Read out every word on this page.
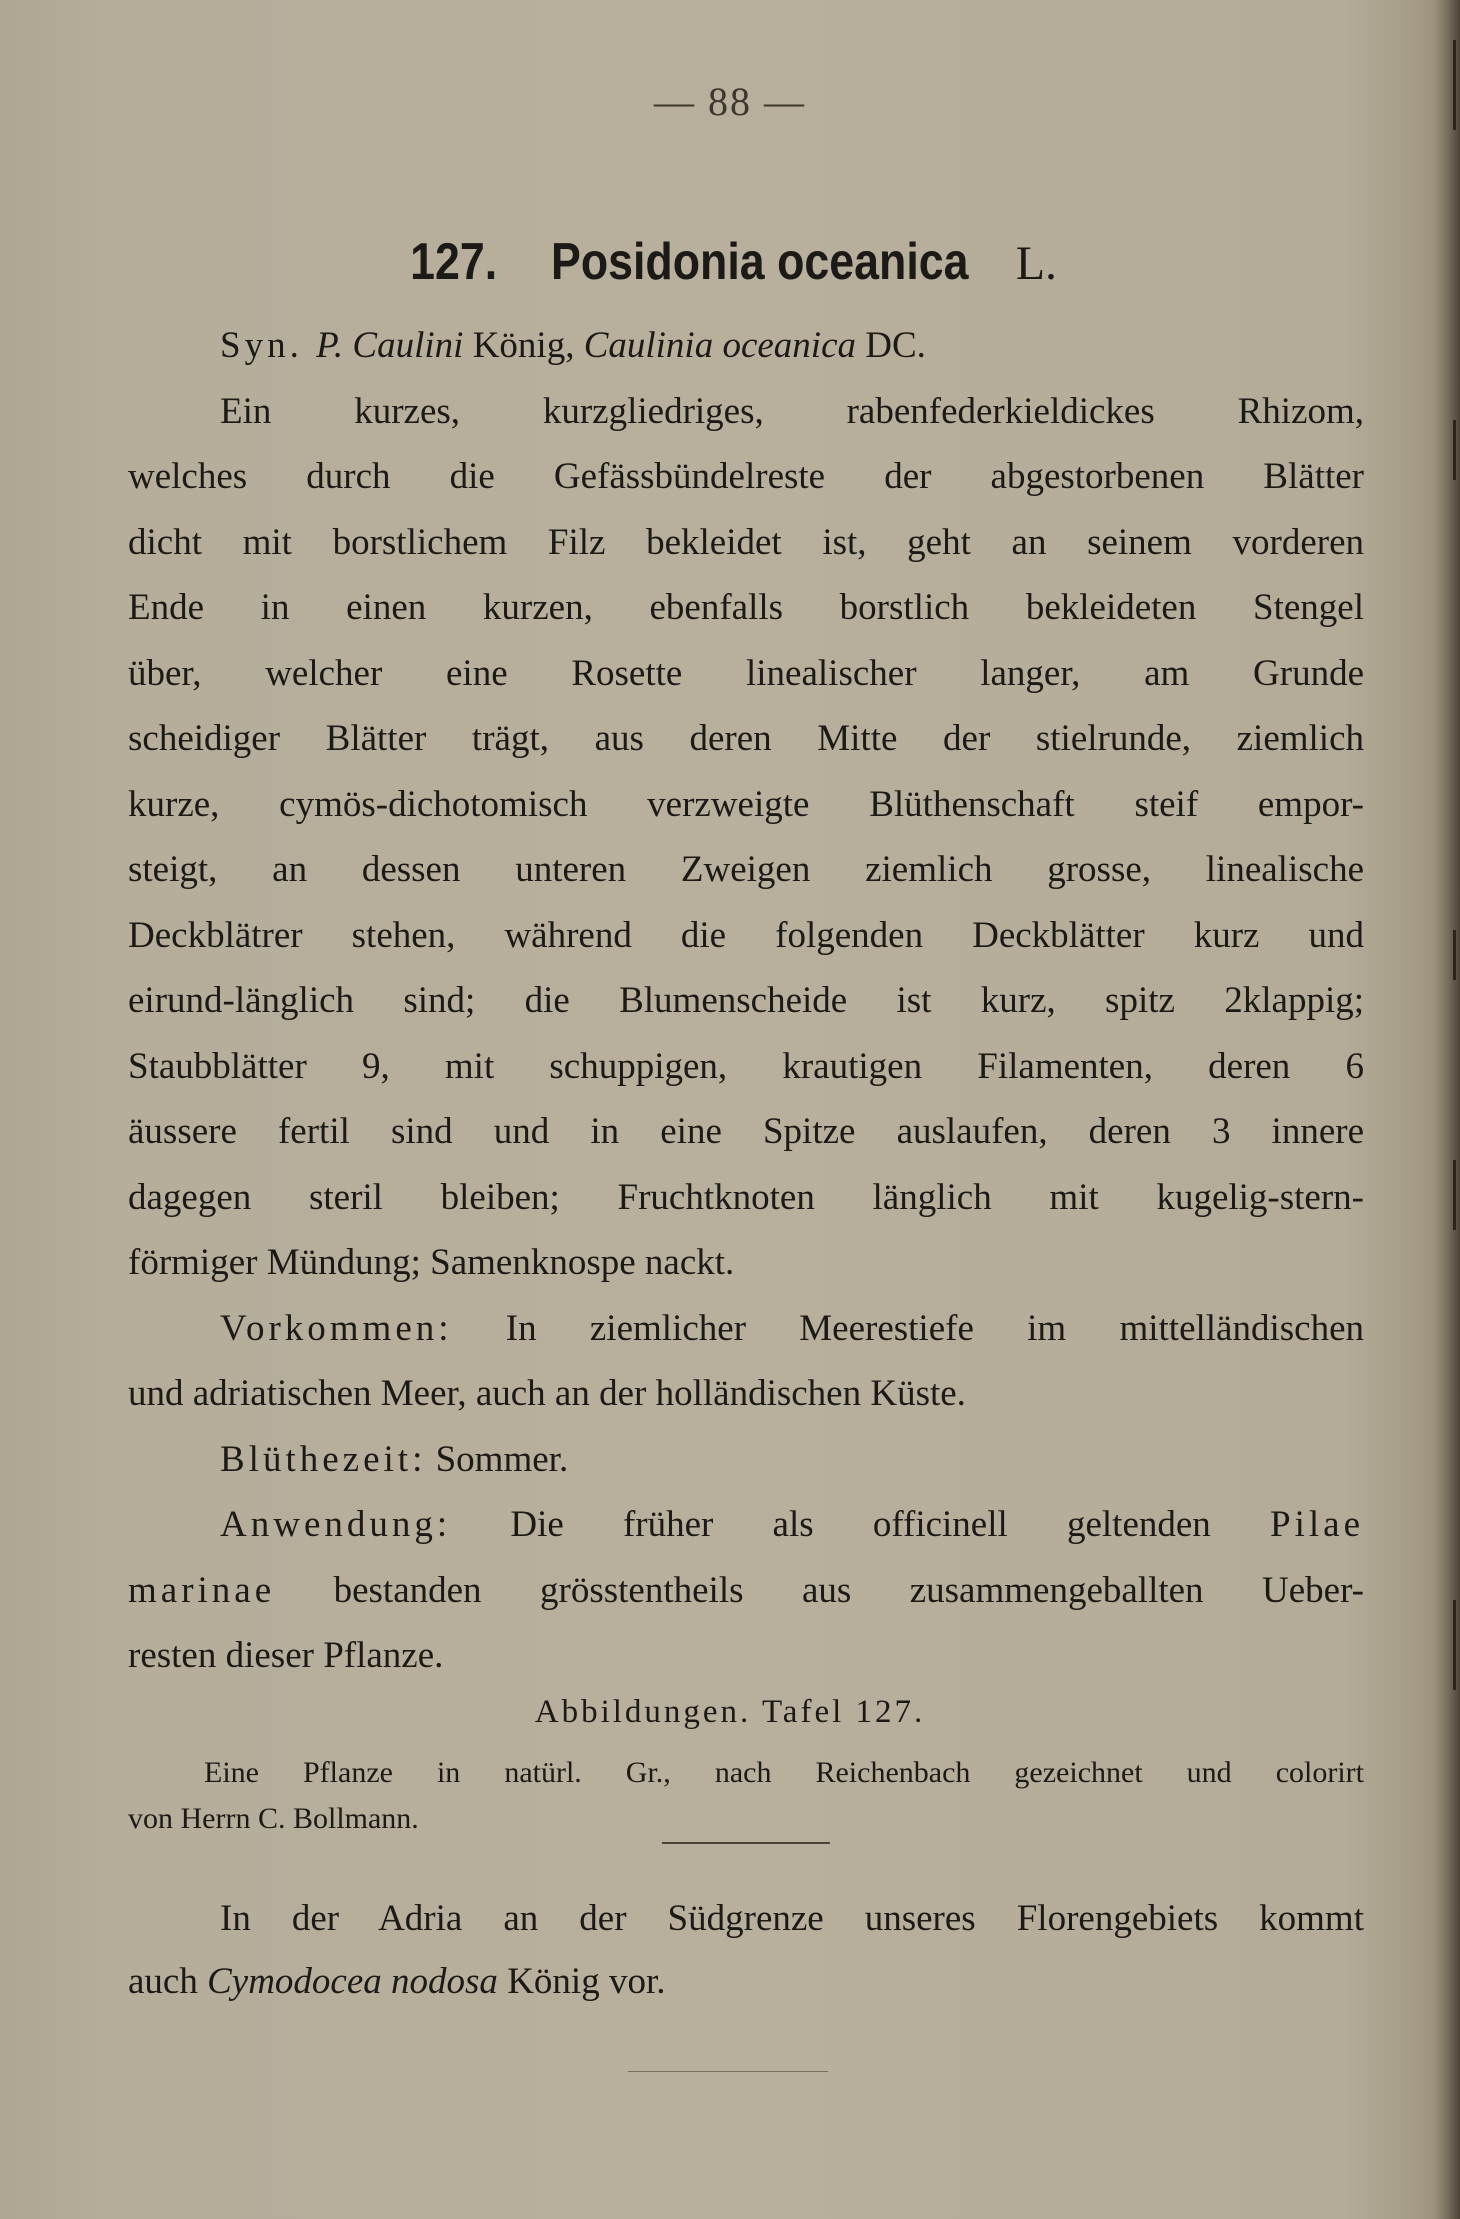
— 88 —
127. Posidonia oceanica L.
Syn. P. Caulini König, Caulinia oceanica DC.
Ein kurzes, kurzgliedriges, rabenfederkieldickes Rhizom,
welches durch die Gefässbündelreste der abgestorbenen Blätter
dicht mit borstlichem Filz bekleidet ist, geht an seinem vorderen
Ende in einen kurzen, ebenfalls borstlich bekleideten Stengel
über, welcher eine Rosette linealischer langer, am Grunde
scheidiger Blätter trägt, aus deren Mitte der stielrunde, ziemlich
kurze, cymös-dichotomisch verzweigte Blüthenschaft steif empor-
steigt, an dessen unteren Zweigen ziemlich grosse, linealische
Deckblätrer stehen, während die folgenden Deckblätter kurz und
eirund-länglich sind; die Blumenscheide ist kurz, spitz 2klappig;
Staubblätter 9, mit schuppigen, krautigen Filamenten, deren 6
äussere fertil sind und in eine Spitze auslaufen, deren 3 innere
dagegen steril bleiben; Fruchtknoten länglich mit kugelig-stern-
förmiger Mündung; Samenknospe nackt.
Vorkommen: In ziemlicher Meerestiefe im mittelländischen
und adriatischen Meer, auch an der holländischen Küste.
Blüthezeit: Sommer.
Anwendung: Die früher als officinell geltenden Pilae
marinae bestanden grösstentheils aus zusammengeballten Ueber-
resten dieser Pflanze.
Abbildungen. Tafel 127.
Eine Pflanze in natürl. Gr., nach Reichenbach gezeichnet und colorirt
von Herrn C. Bollmann.
In der Adria an der Südgrenze unseres Florengebiets kommt
auch Cymodocea nodosa König vor.
